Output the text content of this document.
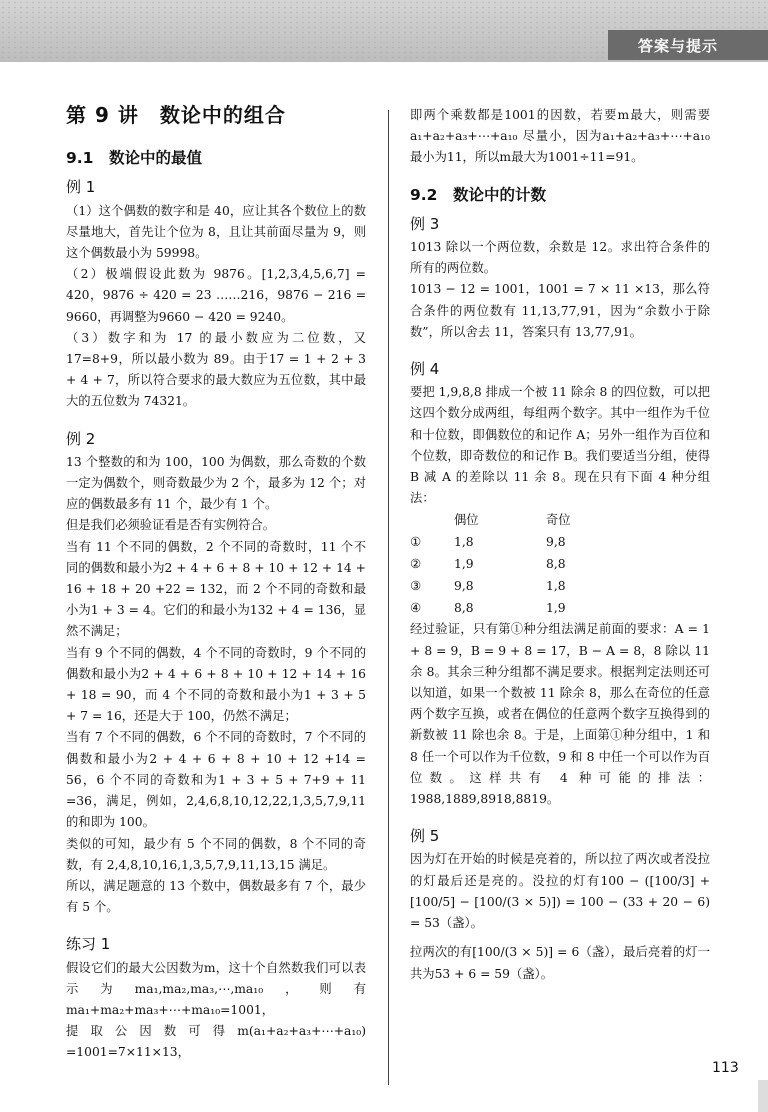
答案与提示
第 9 讲　数论中的组合
9.1　数论中的最值
例 1

（1）这个偶数的数字和是 40，应让其各个数位上的数尽量地大，首先让个位为 8，且让其前面尽量为 9，则这个偶数最小为 59998。

（2）极端假设此数为 9876。[1,2,3,4,5,6,7] = 420，9876 ÷ 420 = 23 ……216，9876 − 216 = 9660，再调整为9660 − 420 = 9240。

（3）数字和为 17 的最小数应为二位数，又 17=8+9，所以最小数为 89。由于17 = 1 + 2 + 3 + 4 + 7，所以符合要求的最大数应为五位数，其中最大的五位数为 74321。

例 2

13 个整数的和为 100，100 为偶数，那么奇数的个数一定为偶数个，则奇数最少为 2 个，最多为 12 个；对应的偶数最多有 11 个，最少有 1 个。

但是我们必须验证看是否有实例符合。

当有 11 个不同的偶数，2 个不同的奇数时，11 个不同的偶数和最小为2 + 4 + 6 + 8 + 10 + 12 + 14 + 16 + 18 + 20 +22 = 132，而 2 个不同的奇数和最小为1 + 3 = 4。它们的和最小为132 + 4 = 136，显然不满足；

当有 9 个不同的偶数，4 个不同的奇数时，9 个不同的偶数和最小为2 + 4 + 6 + 8 + 10 + 12 + 14 + 16 + 18 = 90，而 4 个不同的奇数和最小为1 + 3 + 5 + 7 = 16，还是大于 100，仍然不满足；

当有 7 个不同的偶数，6 个不同的奇数时，7 个不同的偶数和最小为2 + 4 + 6 + 8 + 10 + 12 +14 = 56，6 个不同的奇数和为1 + 3 + 5 + 7+9 + 11 =36，满足，例如，2,4,6,8,10,12,22,1,3,5,7,9,11 的和即为 100。

类似的可知，最少有 5 个不同的偶数，8 个不同的奇数，有 2,4,8,10,16,1,3,5,7,9,11,13,15 满足。

所以，满足题意的 13 个数中，偶数最多有 7 个，最少有 5 个。

练习 1

假设它们的最大公因数为m，这十个自然数我们可以表示为ma₁,ma₂,ma₃,⋯,ma₁₀，则有ma₁+ma₂+ma₃+⋯+ma₁₀=1001，

提取公因数可得m(a₁+a₂+a₃+⋯+a₁₀) =1001=7×11×13，

即两个乘数都是1001的因数，若要m最大，则需要a₁+a₂+a₃+⋯+a₁₀ 尽量小，因为a₁+a₂+a₃+⋯+a₁₀ 最小为11，所以m最大为1001÷11=91。

9.2　数论中的计数
例 3

1013 除以一个两位数，余数是 12。求出符合条件的所有的两位数。

1013 − 12 = 1001，1001 = 7 × 11 ×13，那么符合条件的两位数有 11,13,77,91，因为“余数小于除数”，所以舍去 11，答案只有 13,77,91。

例 4

要把 1,9,8,8 排成一个被 11 除余 8 的四位数，可以把这四个数分成两组，每组两个数字。其中一组作为千位和十位数，即偶数位的和记作 A；另外一组作为百位和个位数，即奇数位的和记作 B。我们要适当分组，使得 B 减 A 的差除以 11 余 8。现在只有下面 4 种分组法：

	偶位	奇位
①	1,8	9,8
②	1,9	8,8
③	9,8	1,8
④	8,8	1,9

经过验证，只有第①种分组法满足前面的要求：A = 1 + 8 = 9，B = 9 + 8 = 17，B − A = 8，8 除以 11 余 8。其余三种分组都不满足要求。根据判定法则还可以知道，如果一个数被 11 除余 8，那么在奇位的任意两个数字互换，或者在偶位的任意两个数字互换得到的新数被 11 除也余 8。于是，上面第①种分组中，1 和 8 任一个可以作为千位数，9 和 8 中任一个可以作为百位数。这样共有 4 种可能的排法：1988,1889,8918,8819。

例 5

因为灯在开始的时候是亮着的，所以拉了两次或者没拉的灯最后还是亮的。没拉的灯有100 − ([100/3] + [100/5] − [100/(3 × 5)]) = 100 − (33 + 20 − 6) = 53（盏）。

拉两次的有[100/(3 × 5)] = 6（盏），最后亮着的灯一共为53 + 6 = 59（盏）。

113
